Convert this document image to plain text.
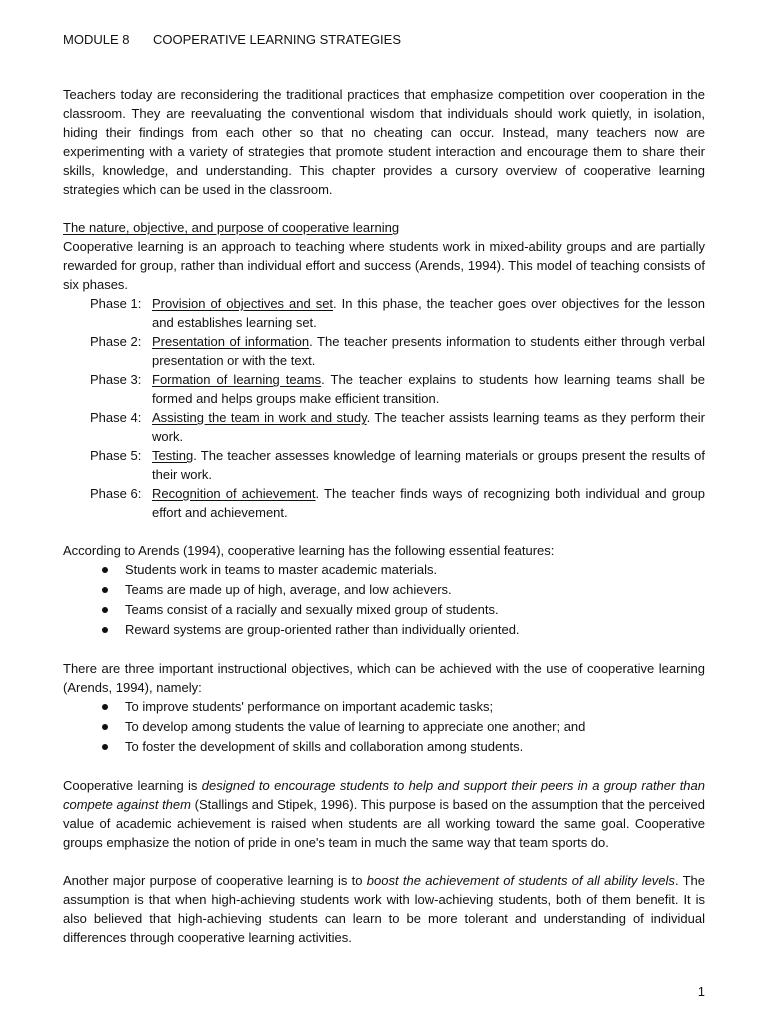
MODULE 8	COOPERATIVE LEARNING STRATEGIES

Teachers today are reconsidering the traditional practices that emphasize competition over cooperation in the classroom. They are reevaluating the conventional wisdom that individuals should work quietly, in isolation, hiding their findings from each other so that no cheating can occur. Instead, many teachers now are experimenting with a variety of strategies that promote student interaction and encourage them to share their skills, knowledge, and understanding. This chapter provides a cursory overview of cooperative learning strategies which can be used in the classroom.

The nature, objective, and purpose of cooperative learning

Cooperative learning is an approach to teaching where students work in mixed-ability groups and are partially rewarded for group, rather than individual effort and success (Arends, 1994). This model of teaching consists of six phases.

Phase 1: Provision of objectives and set. In this phase, the teacher goes over objectives for the lesson and establishes learning set.
Phase 2: Presentation of information. The teacher presents information to students either through verbal presentation or with the text.
Phase 3: Formation of learning teams. The teacher explains to students how learning teams shall be formed and helps groups make efficient transition.
Phase 4: Assisting the team in work and study. The teacher assists learning teams as they perform their work.
Phase 5: Testing. The teacher assesses knowledge of learning materials or groups present the results of their work.
Phase 6: Recognition of achievement. The teacher finds ways of recognizing both individual and group effort and achievement.

According to Arends (1994), cooperative learning has the following essential features:

Students work in teams to master academic materials.
Teams are made up of high, average, and low achievers.
Teams consist of a racially and sexually mixed group of students.
Reward systems are group-oriented rather than individually oriented.

There are three important instructional objectives, which can be achieved with the use of cooperative learning (Arends, 1994), namely:

To improve students' performance on important academic tasks;
To develop among students the value of learning to appreciate one another; and
To foster the development of skills and collaboration among students.

Cooperative learning is designed to encourage students to help and support their peers in a group rather than compete against them (Stallings and Stipek, 1996). This purpose is based on the assumption that the perceived value of academic achievement is raised when students are all working toward the same goal. Cooperative groups emphasize the notion of pride in one's team in much the same way that team sports do.

Another major purpose of cooperative learning is to boost the achievement of students of all ability levels. The assumption is that when high-achieving students work with low-achieving students, both of them benefit. It is also believed that high-achieving students can learn to be more tolerant and understanding of individual differences through cooperative learning activities.

1
